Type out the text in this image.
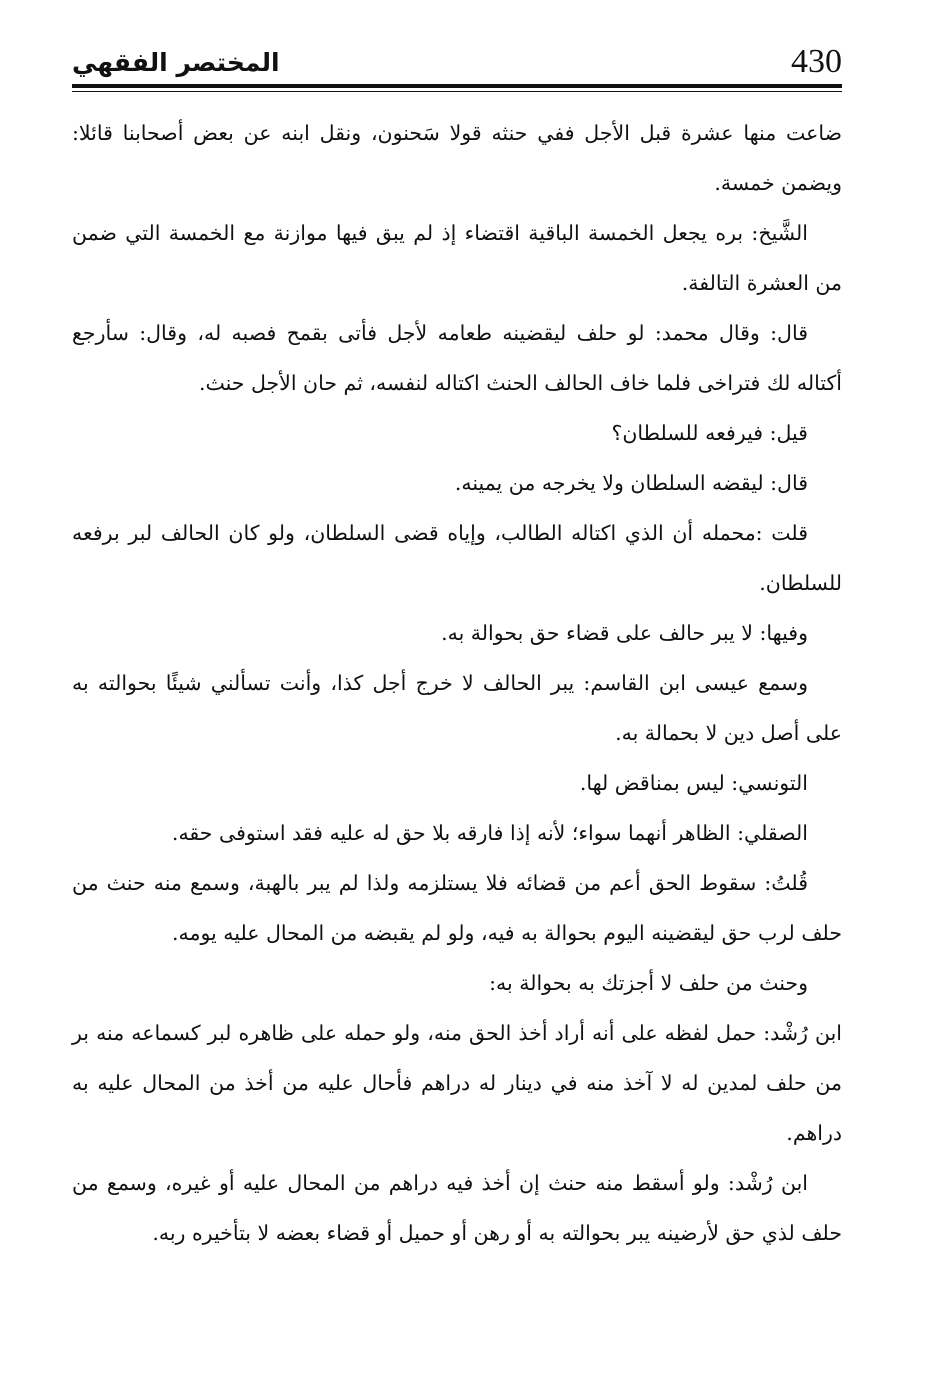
430
المختصر الفقهي

ضاعت منها عشرة قبل الأجل ففي حنثه قولا سَحنون، ونقل ابنه عن بعض أصحابنا قائلا: ويضمن خمسة.

الشَّيخ: بره يجعل الخمسة الباقية اقتضاء إذ لم يبق فيها موازنة مع الخمسة التي ضمن من العشرة التالفة.

قال: وقال محمد: لو حلف ليقضينه طعامه لأجل فأتى بقمح فصبه له، وقال: سأرجع أكتاله لك فتراخى فلما خاف الحالف الحنث اكتاله لنفسه، ثم حان الأجل حنث.

قيل: فيرفعه للسلطان؟

قال: ليقضه السلطان ولا يخرجه من يمينه.

قلت :محمله أن الذي اكتاله الطالب، وإياه قضى السلطان، ولو كان الحالف لبر برفعه للسلطان.

وفيها: لا يبر حالف على قضاء حق بحوالة به.

وسمع عيسى ابن القاسم: يبر الحالف لا خرج أجل كذا، وأنت تسألني شيئًا بحوالته به على أصل دين لا بحمالة به.

التونسي: ليس بمناقض لها.

الصقلي: الظاهر أنهما سواء؛ لأنه إذا فارقه بلا حق له عليه فقد استوفى حقه.

قُلتُ: سقوط الحق أعم من قضائه فلا يستلزمه ولذا لم يبر بالهبة، وسمع منه حنث من حلف لرب حق ليقضينه اليوم بحوالة به فيه، ولو لم يقبضه من المحال عليه يومه.

وحنث من حلف لا أجزتك به بحوالة به:

ابن رُشْد: حمل لفظه على أنه أراد أخذ الحق منه، ولو حمله على ظاهره لبر كسماعه منه بر من حلف لمدين له لا آخذ منه في دينار له دراهم فأحال عليه من أخذ من المحال عليه به دراهم.

ابن رُشْد: ولو أسقط منه حنث إن أخذ فيه دراهم من المحال عليه أو غيره، وسمع من حلف لذي حق لأرضينه يبر بحوالته به أو رهن أو حميل أو قضاء بعضه لا بتأخيره ربه.
